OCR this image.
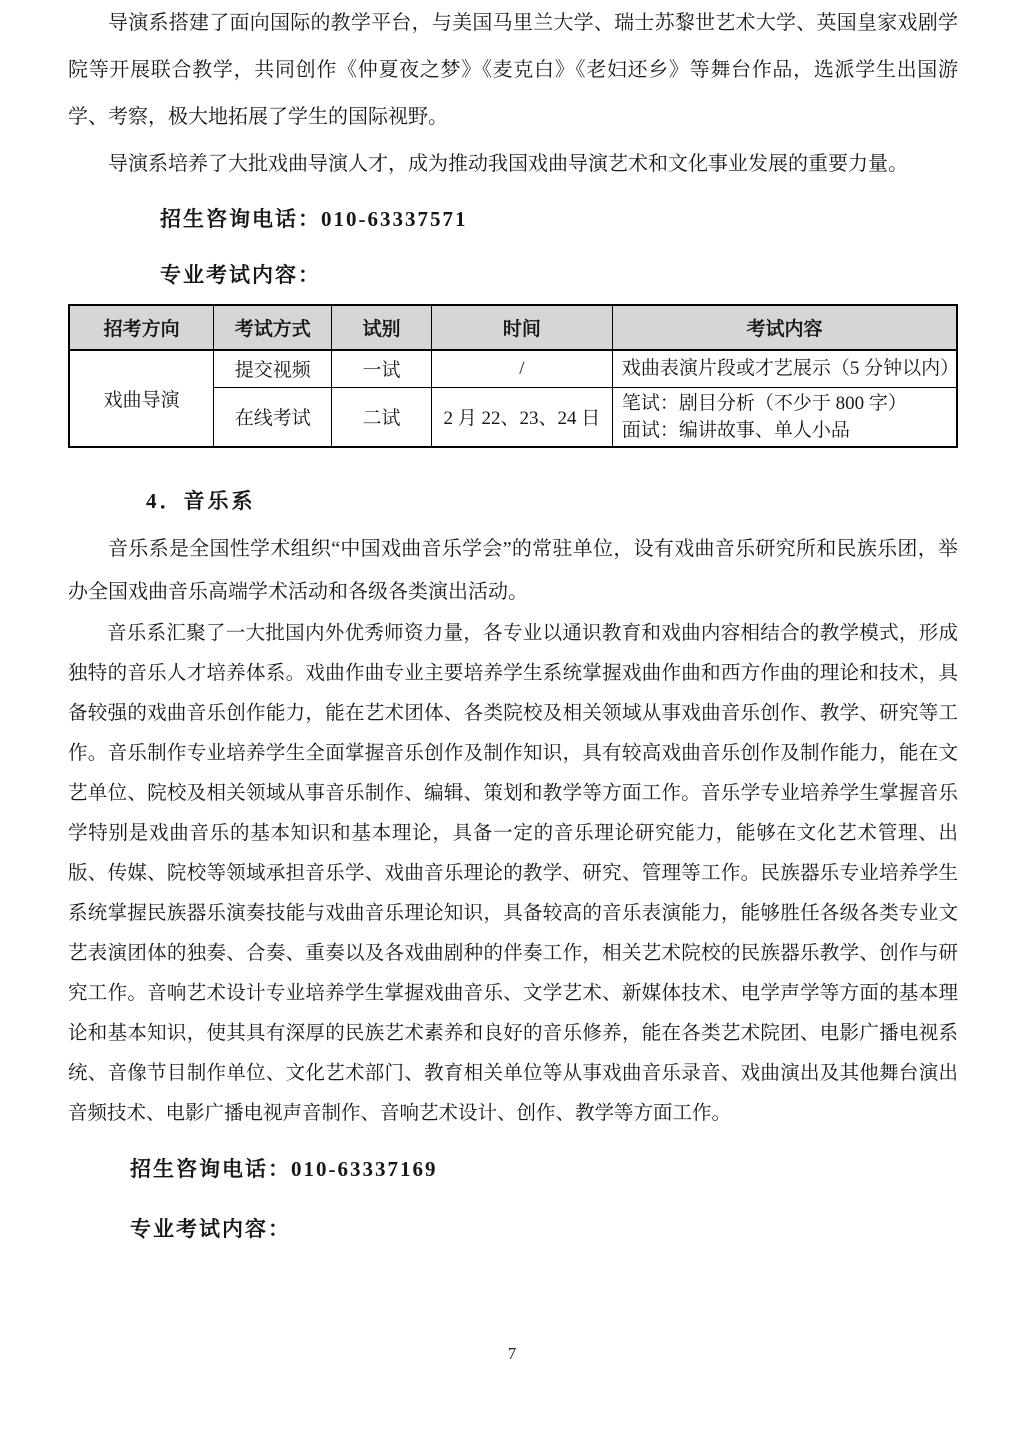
导演系搭建了面向国际的教学平台，与美国马里兰大学、瑞士苏黎世艺术大学、英国皇家戏剧学院等开展联合教学，共同创作《仲夏夜之梦》《麦克白》《老妇还乡》等舞台作品，选派学生出国游学、考察，极大地拓展了学生的国际视野。

导演系培养了大批戏曲导演人才，成为推动我国戏曲导演艺术和文化事业发展的重要力量。

招生咨询电话：010-63337571
专业考试内容：
招考方向	考试方式	试别	时间	考试内容
戏曲导演	提交视频	一试	/	戏曲表演片段或才艺展示（5 分钟以内）
	在线考试	二试	2 月 22、23、24 日	笔试：剧目分析（不少于 800 字）
面试：编讲故事、单人小品
4．音乐系

音乐系是全国性学术组织“中国戏曲音乐学会”的常驻单位，设有戏曲音乐研究所和民族乐团，举办全国戏曲音乐高端学术活动和各级各类演出活动。

音乐系汇聚了一大批国内外优秀师资力量，各专业以通识教育和戏曲内容相结合的教学模式，形成独特的音乐人才培养体系。戏曲作曲专业主要培养学生系统掌握戏曲作曲和西方作曲的理论和技术，具备较强的戏曲音乐创作能力，能在艺术团体、各类院校及相关领域从事戏曲音乐创作、教学、研究等工作。音乐制作专业培养学生全面掌握音乐创作及制作知识，具有较高戏曲音乐创作及制作能力，能在文艺单位、院校及相关领域从事音乐制作、编辑、策划和教学等方面工作。音乐学专业培养学生掌握音乐学特别是戏曲音乐的基本知识和基本理论，具备一定的音乐理论研究能力，能够在文化艺术管理、出版、传媒、院校等领域承担音乐学、戏曲音乐理论的教学、研究、管理等工作。民族器乐专业培养学生系统掌握民族器乐演奏技能与戏曲音乐理论知识，具备较高的音乐表演能力，能够胜任各级各类专业文艺表演团体的独奏、合奏、重奏以及各戏曲剧种的伴奏工作，相关艺术院校的民族器乐教学、创作与研究工作。音响艺术设计专业培养学生掌握戏曲音乐、文学艺术、新媒体技术、电学声学等方面的基本理论和基本知识，使其具有深厚的民族艺术素养和良好的音乐修养，能在各类艺术院团、电影广播电视系统、音像节目制作单位、文化艺术部门、教育相关单位等从事戏曲音乐录音、戏曲演出及其他舞台演出音频技术、电影广播电视声音制作、音响艺术设计、创作、教学等方面工作。

招生咨询电话：010-63337169
专业考试内容：
7
